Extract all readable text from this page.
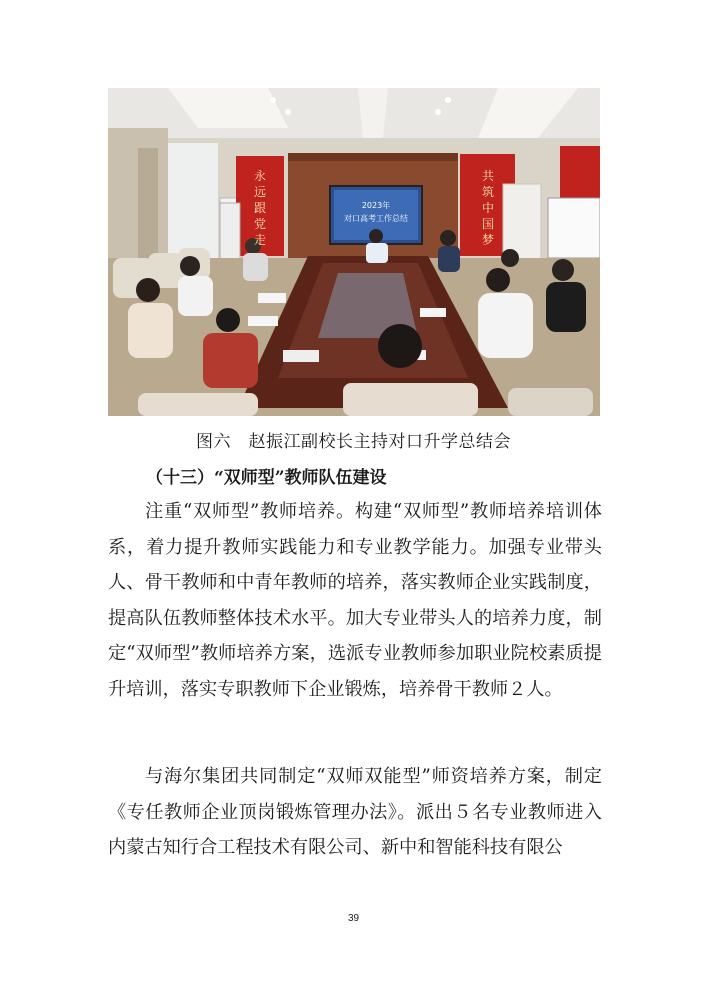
2023年
对口高考工作总结
永
远
跟
党
走
共
筑
中
国
梦
图六　赵振江副校长主持对口升学总结会
（十三）“双师型”教师队伍建设

注重“双师型”教师培养。构建“双师型”教师培养培训体系，着力提升教师实践能力和专业教学能力。加强专业带头人、骨干教师和中青年教师的培养，落实教师企业实践制度，提高队伍教师整体技术水平。加大专业带头人的培养力度，制定“双师型”教师培养方案，选派专业教师参加职业院校素质提升培训，落实专职教师下企业锻炼，培养骨干教师２人。

与海尔集团共同制定“双师双能型”师资培养方案，制定《专任教师企业顶岗锻炼管理办法》。派出５名专业教师进入内蒙古知行合工程技术有限公司、新中和智能科技有限公

39
